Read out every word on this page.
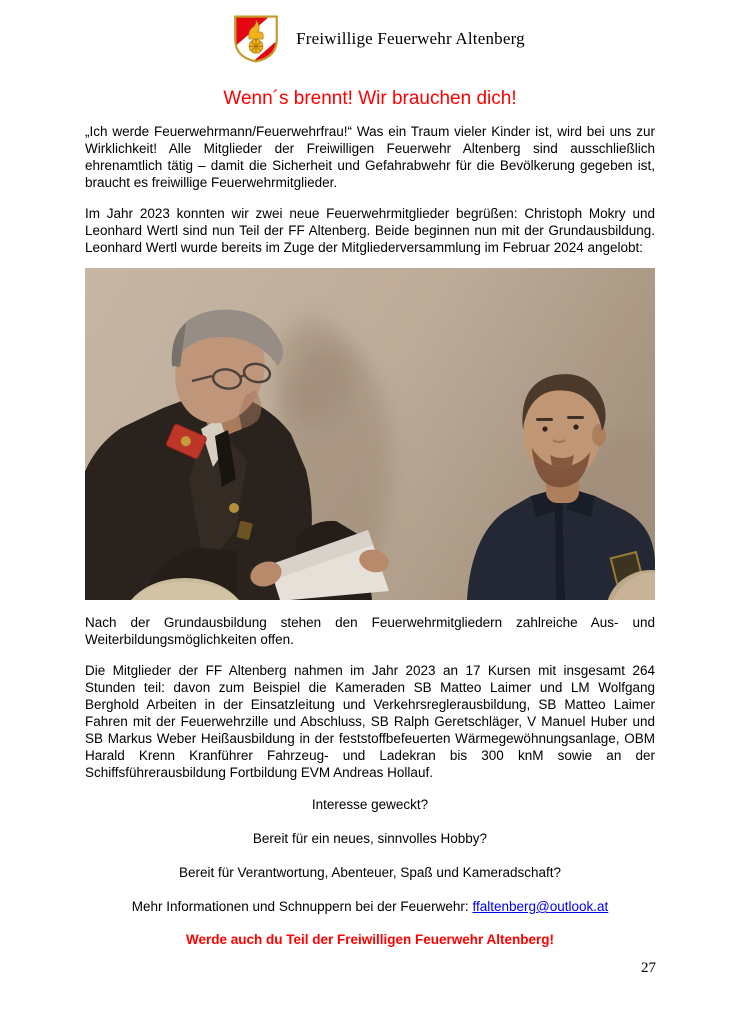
Freiwillige Feuerwehr Altenberg
Wenn´s brennt! Wir brauchen dich!

„Ich werde Feuerwehrmann/Feuerwehrfrau!“ Was ein Traum vieler Kinder ist, wird bei uns zur Wirklichkeit! Alle Mitglieder der Freiwilligen Feuerwehr Altenberg sind ausschließlich ehrenamtlich tätig – damit die Sicherheit und Gefahrabwehr für die Bevölkerung gegeben ist, braucht es freiwillige Feuerwehrmitglieder.

Im Jahr 2023 konnten wir zwei neue Feuerwehrmitglieder begrüßen: Christoph Mokry und Leonhard Wertl sind nun Teil der FF Altenberg. Beide beginnen nun mit der Grundausbildung. Leonhard Wertl wurde bereits im Zuge der Mitgliederversammlung im Februar 2024 angelobt:

Nach der Grundausbildung stehen den Feuerwehrmitgliedern zahlreiche Aus- und Weiterbildungsmöglichkeiten offen.

Die Mitglieder der FF Altenberg nahmen im Jahr 2023 an 17 Kursen mit insgesamt 264 Stunden teil: davon zum Beispiel die Kameraden SB Matteo Laimer und LM Wolfgang Berghold Arbeiten in der Einsatzleitung und Verkehrsreglerausbildung, SB Matteo Laimer Fahren mit der Feuerwehrzille und Abschluss, SB Ralph Geretschläger, V Manuel Huber und SB Markus Weber Heißausbildung in der feststoffbefeuerten Wärmegewöhnungsanlage, OBM Harald Krenn Kranführer Fahrzeug- und Ladekran bis 300 knM sowie an der Schiffsführerausbildung Fortbildung EVM Andreas Hollauf.

Interesse geweckt?

Bereit für ein neues, sinnvolles Hobby?

Bereit für Verantwortung, Abenteuer, Spaß und Kameradschaft?

Mehr Informationen und Schnuppern bei der Feuerwehr: ffaltenberg@outlook.at

Werde auch du Teil der Freiwilligen Feuerwehr Altenberg!

27
